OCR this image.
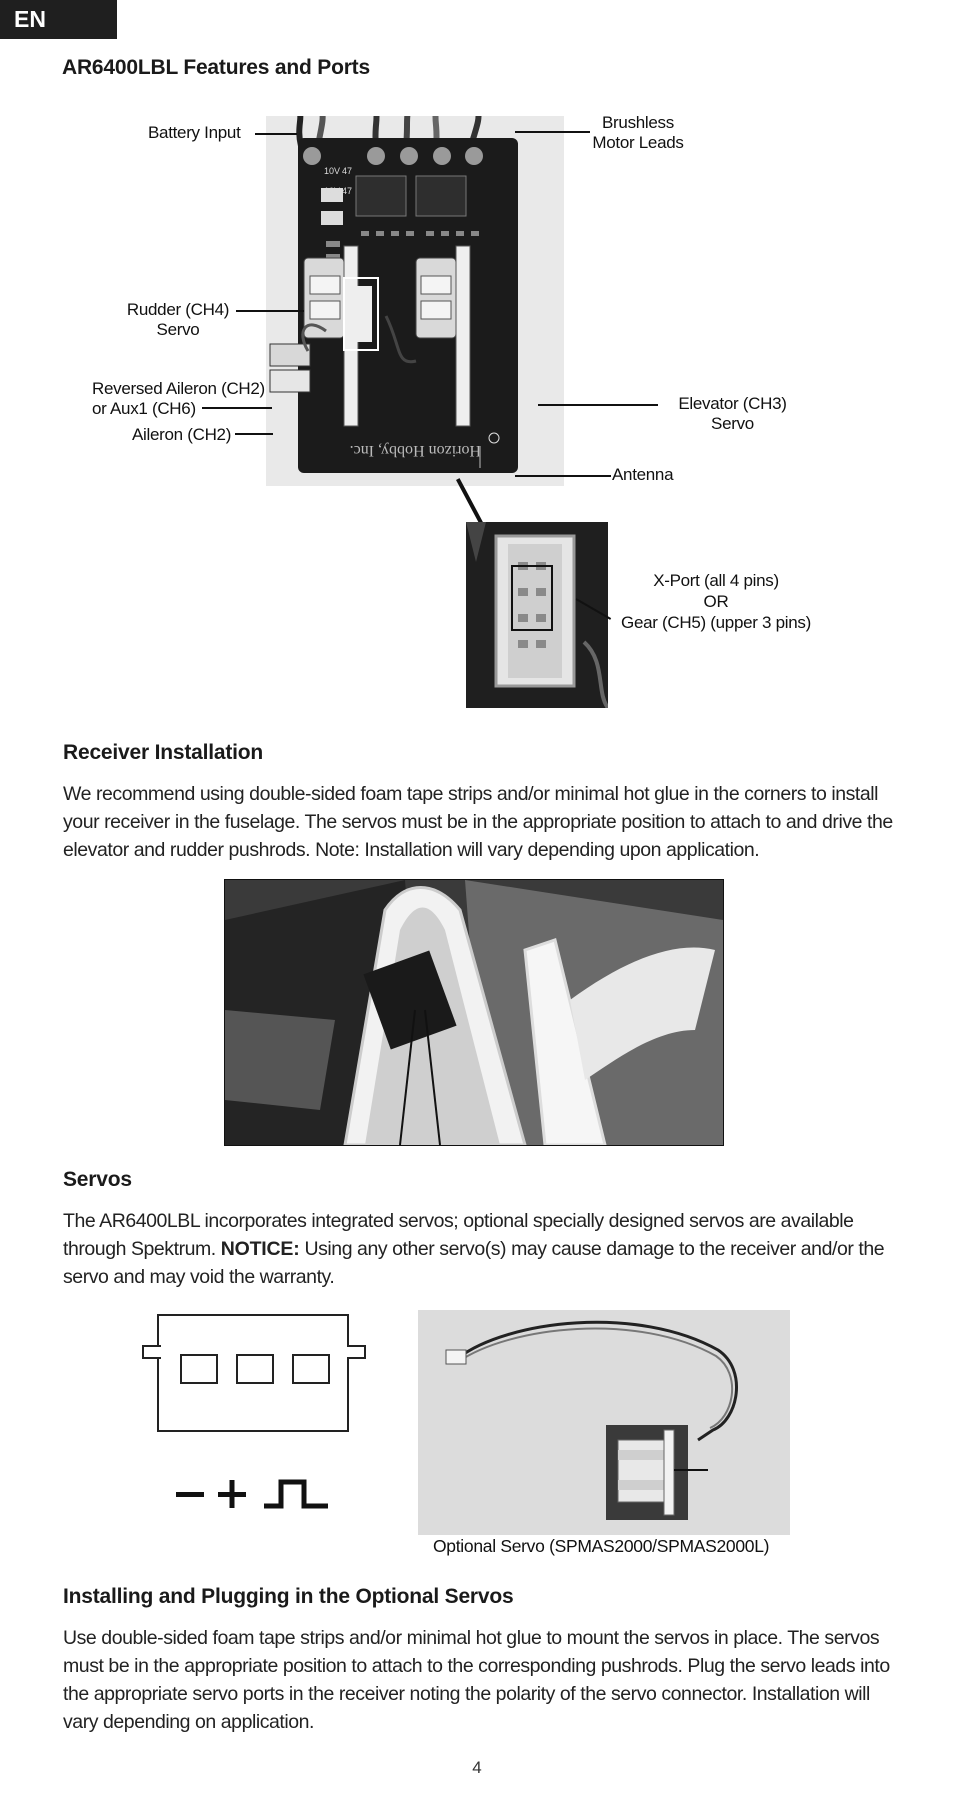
EN
AR6400LBL Features and Ports
10V 47
10V 47
Horizon Hobby, Inc.
Battery Input
Brushless
Motor Leads
Rudder (CH4)
Servo
Reversed Aileron (CH2)
or Aux1 (CH6)
Aileron (CH2)
Elevator (CH3)
Servo
Antenna
X-Port (all 4 pins)
OR
Gear (CH5) (upper 3 pins)
Receiver Installation
We recommend using double-sided foam tape strips and/or minimal hot glue in the corners to install your receiver in the fuselage. The servos must be in the appropriate position to attach to and drive the elevator and rudder pushrods. Note: Installation will vary depending upon application.
Servos
The AR6400LBL incorporates integrated servos; optional specially designed servos are available through Spektrum. NOTICE: Using any other servo(s) may cause damage to the receiver and/or the servo and may void the warranty.
Optional Servo (SPMAS2000/SPMAS2000L)
Installing and Plugging in the Optional Servos
Use double-sided foam tape strips and/or minimal hot glue to mount the servos in place. The servos must be in the appropriate position to attach to the corresponding pushrods. Plug the servo leads into the appropriate servo ports in the receiver noting the polarity of the servo connector. Installation will vary depending on application.
4
